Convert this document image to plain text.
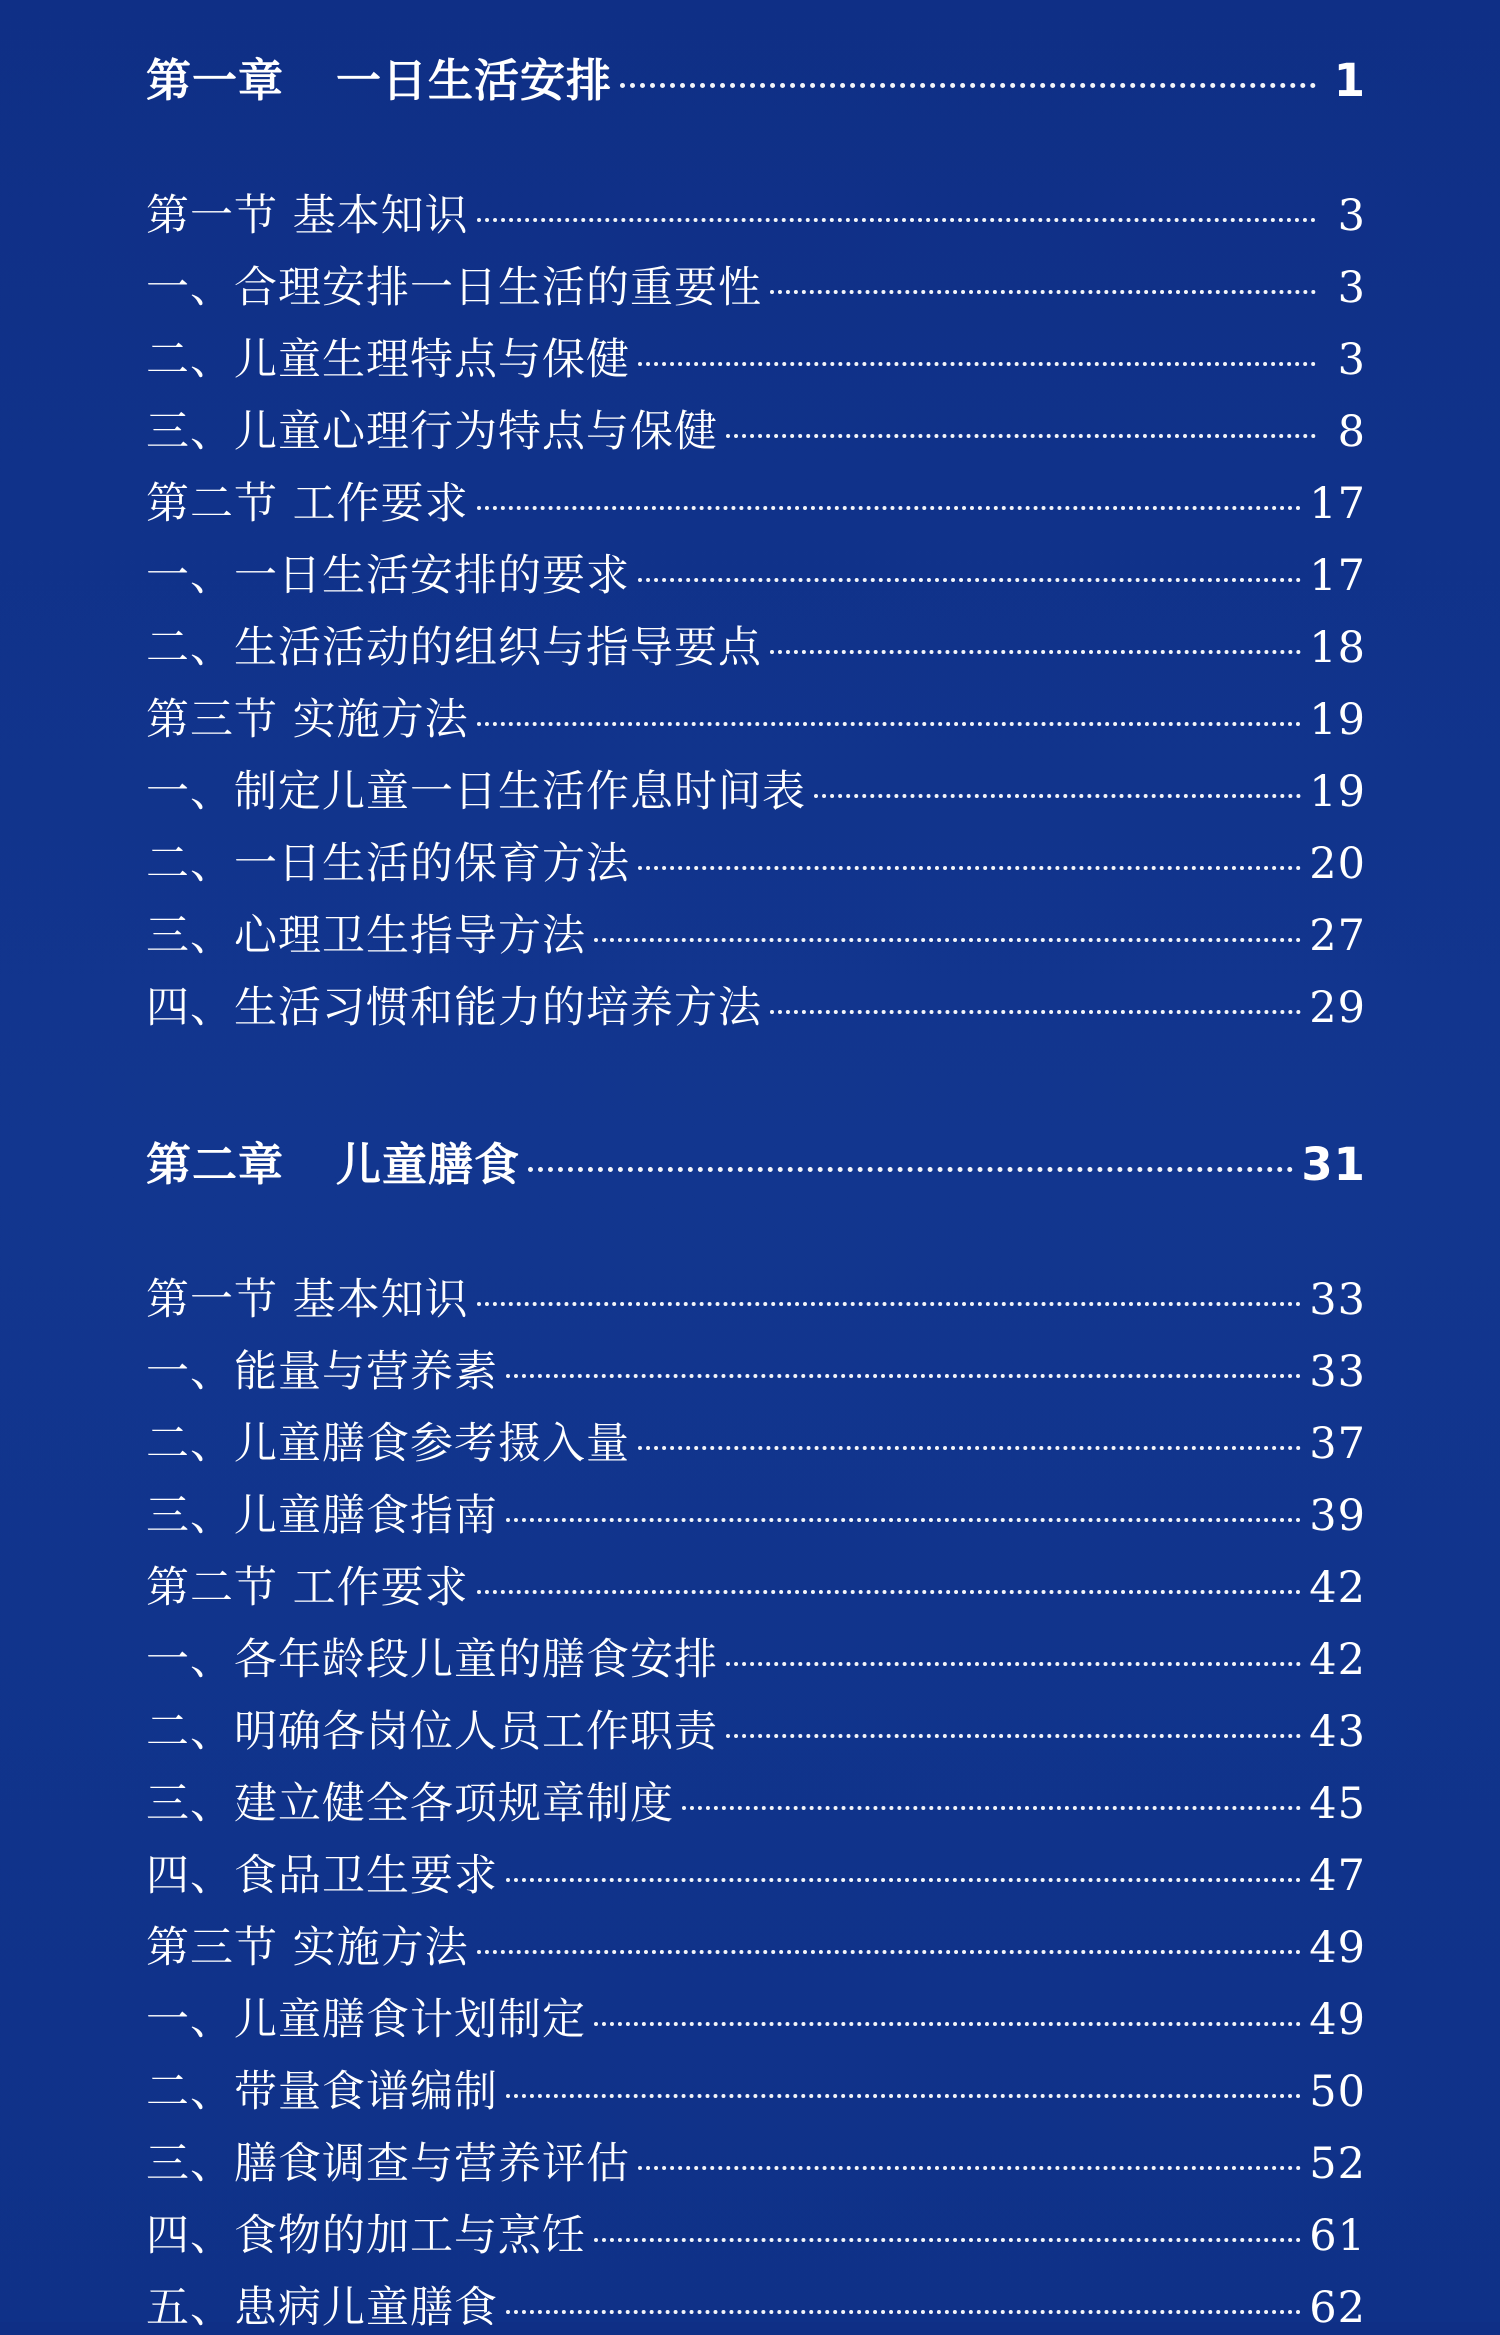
第一章 一日生活安排	1
第一节 基本知识	3
一、合理安排一日生活的重要性	3
二、儿童生理特点与保健	3
三、儿童心理行为特点与保健	8
第二节 工作要求	17
一、一日生活安排的要求	17
二、生活活动的组织与指导要点	18
第三节 实施方法	19
一、制定儿童一日生活作息时间表	19
二、一日生活的保育方法	20
三、心理卫生指导方法	27
四、生活习惯和能力的培养方法	29
第二章 儿童膳食	31
第一节 基本知识	33
一、能量与营养素	33
二、儿童膳食参考摄入量	37
三、儿童膳食指南	39
第二节 工作要求	42
一、各年龄段儿童的膳食安排	42
二、明确各岗位人员工作职责	43
三、建立健全各项规章制度	45
四、食品卫生要求	47
第三节 实施方法	49
一、儿童膳食计划制定	49
二、带量食谱编制	50
三、膳食调查与营养评估	52
四、食物的加工与烹饪	61
五、患病儿童膳食	62
